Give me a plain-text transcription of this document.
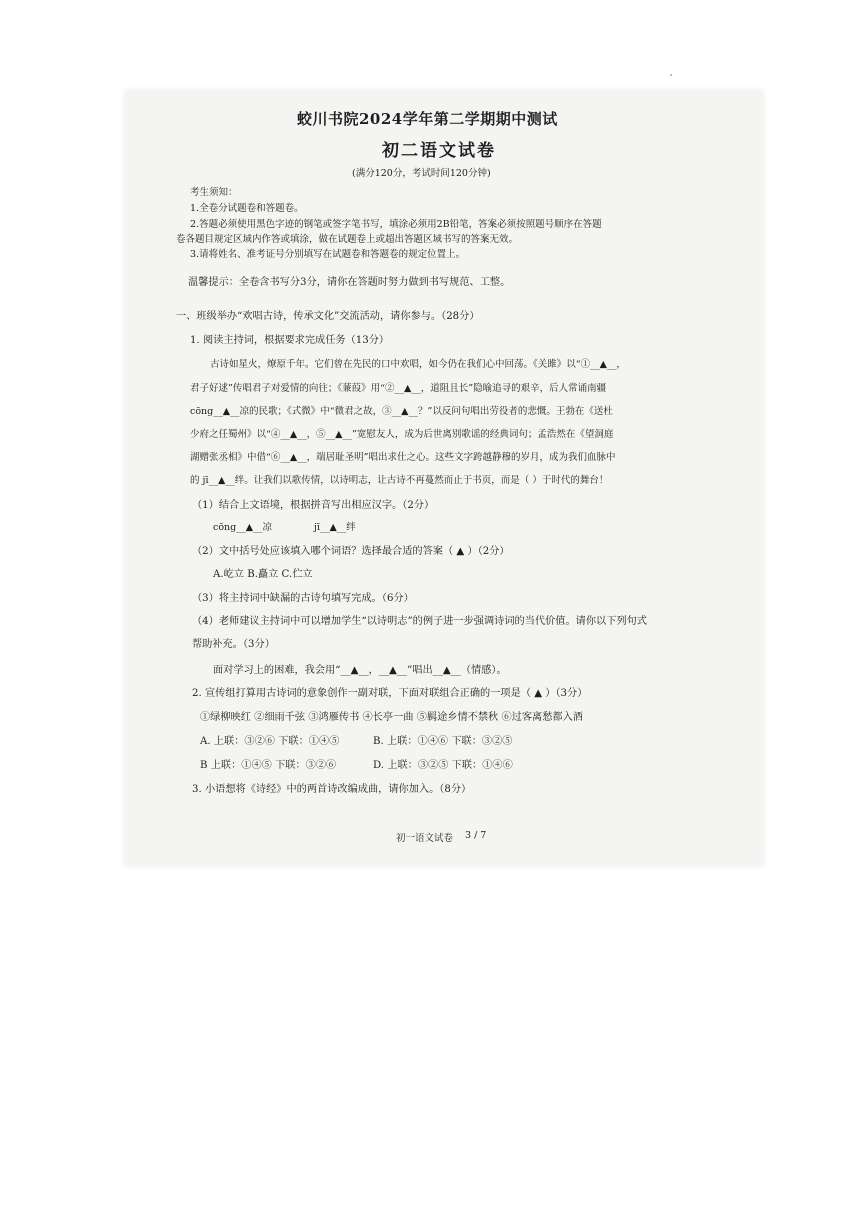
蛟川书院2024学年第二学期期中测试
初二语文试卷
(满分120分，考试时间120分钟)
考生须知：
1.全卷分试题卷和答题卷。
2.答题必须使用黑色字迹的钢笔或签字笔书写，填涂必须用2B铅笔，答案必须按照题号顺序在答题
卷各题目规定区域内作答或填涂，做在试题卷上或超出答题区域书写的答案无效。
3.请将姓名、准考证号分别填写在试题卷和答题卷的规定位置上。
温馨提示：全卷含书写分3分，请你在答题时努力做到书写规范、工整。
一、班级举办“欢唱古诗，传承文化”交流活动，请你参与。（28分）
1. 阅读主持词，根据要求完成任务（13分）
古诗如星火，燎原千年。它们曾在先民的口中欢唱，如今仍在我们心中回荡。《关雎》以“①__▲__，
君子好逑”传唱君子对爱情的向往；《蒹葭》用“②__▲__，道阻且长”隐喻追寻的艰辛，后人常诵南疆
cōng__▲__凉的民歌；《式微》中“微君之故，③__▲__？”以反问句唱出劳役者的悲慨。王勃在《送杜
少府之任蜀州》以“④__▲__，⑤__▲__”宽慰友人，成为后世离别歌谣的经典词句；孟浩然在《望洞庭
湖赠张丞相》中借“⑥__▲__，端居耻圣明”唱出求仕之心。这些文字跨越静穆的岁月，成为我们血脉中
的 jī__▲__绊。让我们以歌传情，以诗明志，让古诗不再蔓然而止于书页，而是（ ）于时代的舞台！
（1）结合上文语境，根据拼音写出相应汉字。（2分）
cōng__▲__凉	jī__▲__绊
（2）文中括号处应该填入哪个词语？选择最合适的答案（ ▲ ）（2分）
A.屹立 B.矗立 C.伫立
（3）将主持词中缺漏的古诗句填写完成。（6分）
（4）老师建议主持词中可以增加学生“以诗明志”的例子进一步强调诗词的当代价值。请你以下列句式
帮助补充。（3分）
面对学习上的困难，我会用“__▲__，__▲__”唱出__▲__（情感）。
2. 宣传组打算用古诗词的意象创作一副对联，下面对联组合正确的一项是（ ▲ ）（3分）
①绿柳映红 ②细雨千弦 ③鸿雁传书 ④长亭一曲 ⑤羁途乡情不禁秋 ⑥过客离愁都入酒
A. 上联：③②⑥ 下联：①④⑤	B. 上联：①④⑥ 下联：③②⑤
B 上联：①④⑤ 下联：③②⑥	D. 上联：③②⑤ 下联：①④⑥
3. 小语想将《诗经》中的两首诗改编成曲，请你加入。（8分）
初一语文试卷 3 / 7
